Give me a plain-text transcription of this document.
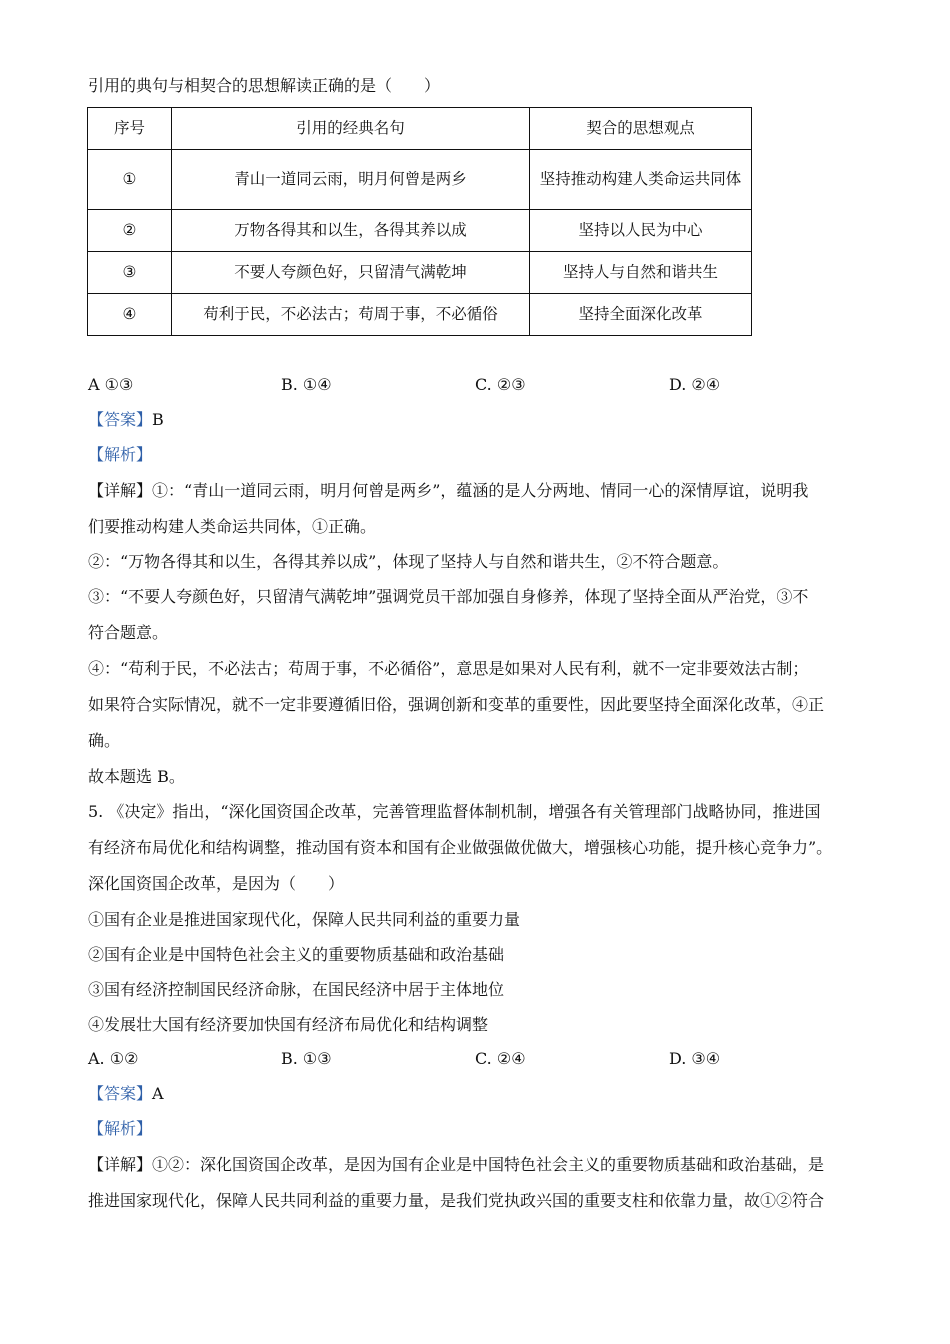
引用的典句与相契合的思想解读正确的是（　　）
序号	引用的经典名句	契合的思想观点
①	青山一道同云雨，明月何曾是两乡	坚持推动构建人类命运共同体
②	万物各得其和以生，各得其养以成	坚持以人民为中心
③	不要人夸颜色好，只留清气满乾坤	坚持人与自然和谐共生
④	苟利于民，不必法古；苟周于事，不必循俗	坚持全面深化改革
A ①③	B. ①④	C. ②③	D. ②④
【答案】B
【解析】
【详解】①：“青山一道同云雨，明月何曾是两乡”，蕴涵的是人分两地、情同一心的深情厚谊，说明我
们要推动构建人类命运共同体，①正确。
②：“万物各得其和以生，各得其养以成”，体现了坚持人与自然和谐共生，②不符合题意。
③：“不要人夸颜色好，只留清气满乾坤”强调党员干部加强自身修养，体现了坚持全面从严治党，③不
符合题意。
④：“苟利于民，不必法古；苟周于事，不必循俗”，意思是如果对人民有利，就不一定非要效法古制；
如果符合实际情况，就不一定非要遵循旧俗，强调创新和变革的重要性，因此要坚持全面深化改革，④正
确。
故本题选 B。
5. 《决定》指出，“深化国资国企改革，完善管理监督体制机制，增强各有关管理部门战略协同，推进国
有经济布局优化和结构调整，推动国有资本和国有企业做强做优做大，增强核心功能，提升核心竞争力”。
深化国资国企改革，是因为（　　）
①国有企业是推进国家现代化，保障人民共同利益的重要力量
②国有企业是中国特色社会主义的重要物质基础和政治基础
③国有经济控制国民经济命脉，在国民经济中居于主体地位
④发展壮大国有经济要加快国有经济布局优化和结构调整
A. ①②	B. ①③	C. ②④	D. ③④
【答案】A
【解析】
【详解】①②：深化国资国企改革，是因为国有企业是中国特色社会主义的重要物质基础和政治基础，是
推进国家现代化，保障人民共同利益的重要力量，是我们党执政兴国的重要支柱和依靠力量，故①②符合
